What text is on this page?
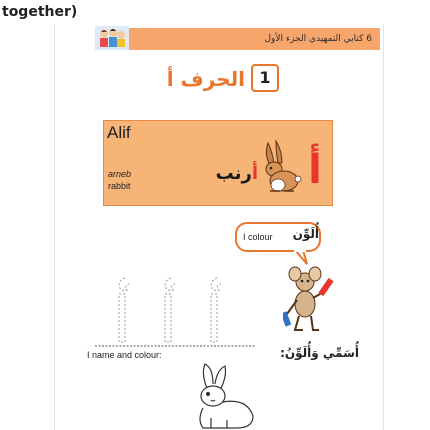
together)
6 كتابي التمهيدي الجزء الأول
الحرف أ 1
Alif
arneb
rabbit
أرنب أ
I colour	أُلَوِّن
I name and colour:	أُسَمِّي وَأُلَوِّنُ:
